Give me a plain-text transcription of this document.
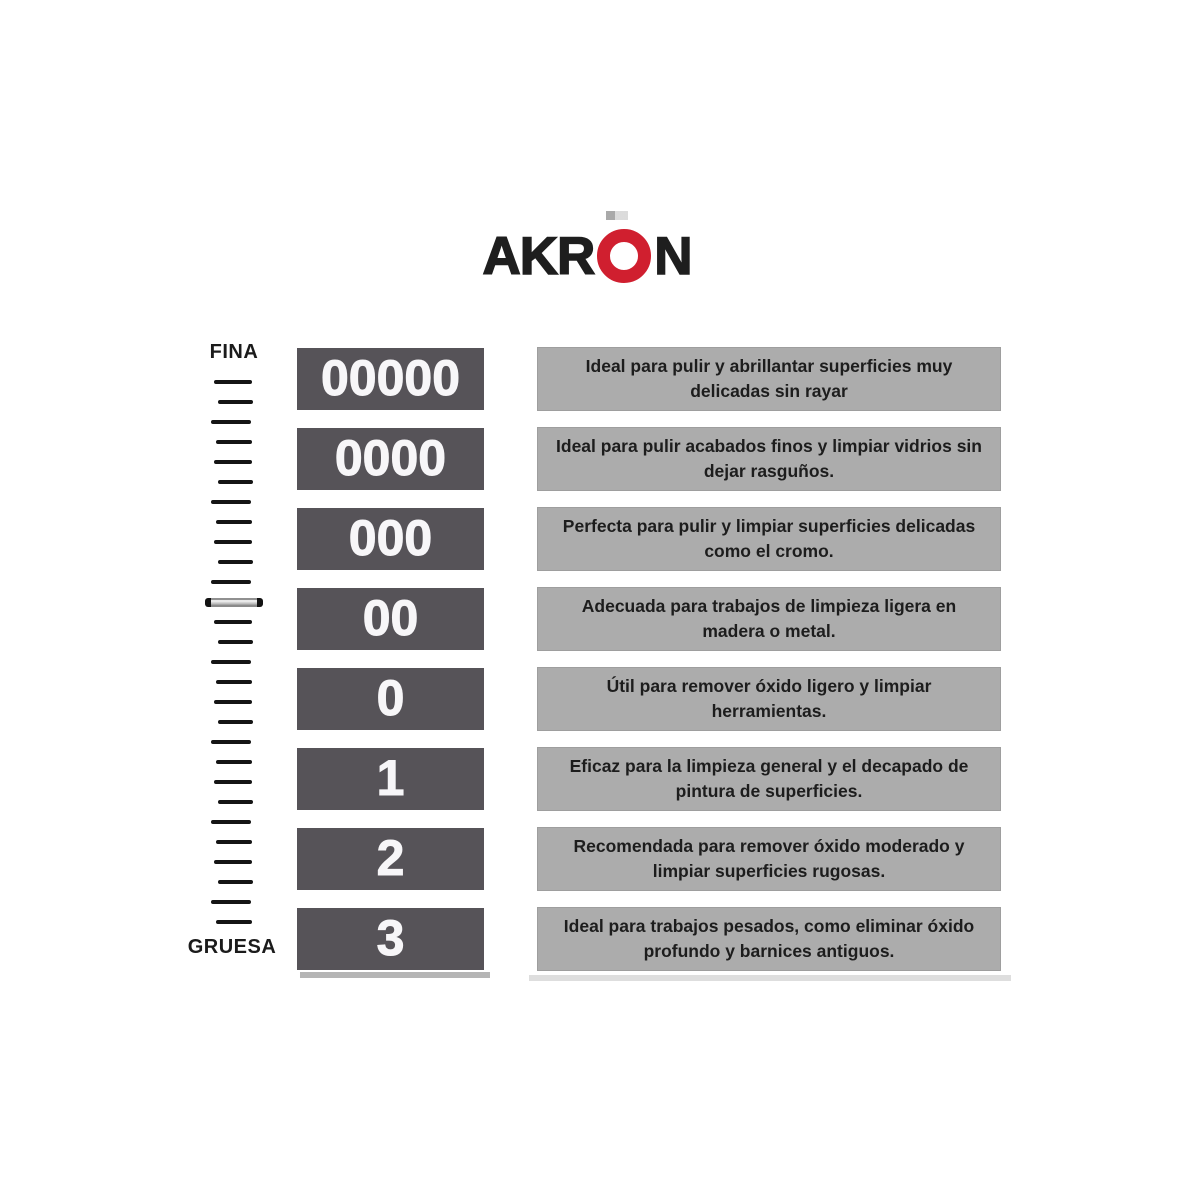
AKR N
FINA
GRUESA
00000	Ideal para pulir y abrillantar superficies muy delicadas sin rayar
0000	Ideal para pulir acabados finos y limpiar vidrios sin dejar rasguños.
000	Perfecta para pulir y limpiar superficies delicadas como el cromo.
00	Adecuada para trabajos de limpieza ligera en madera o metal.
0	Útil para remover óxido ligero y limpiar herramientas.
1	Eficaz para la limpieza general y el decapado de pintura de superficies.
2	Recomendada para remover óxido moderado y limpiar superficies rugosas.
3	Ideal para trabajos pesados, como eliminar óxido profundo y barnices antiguos.
